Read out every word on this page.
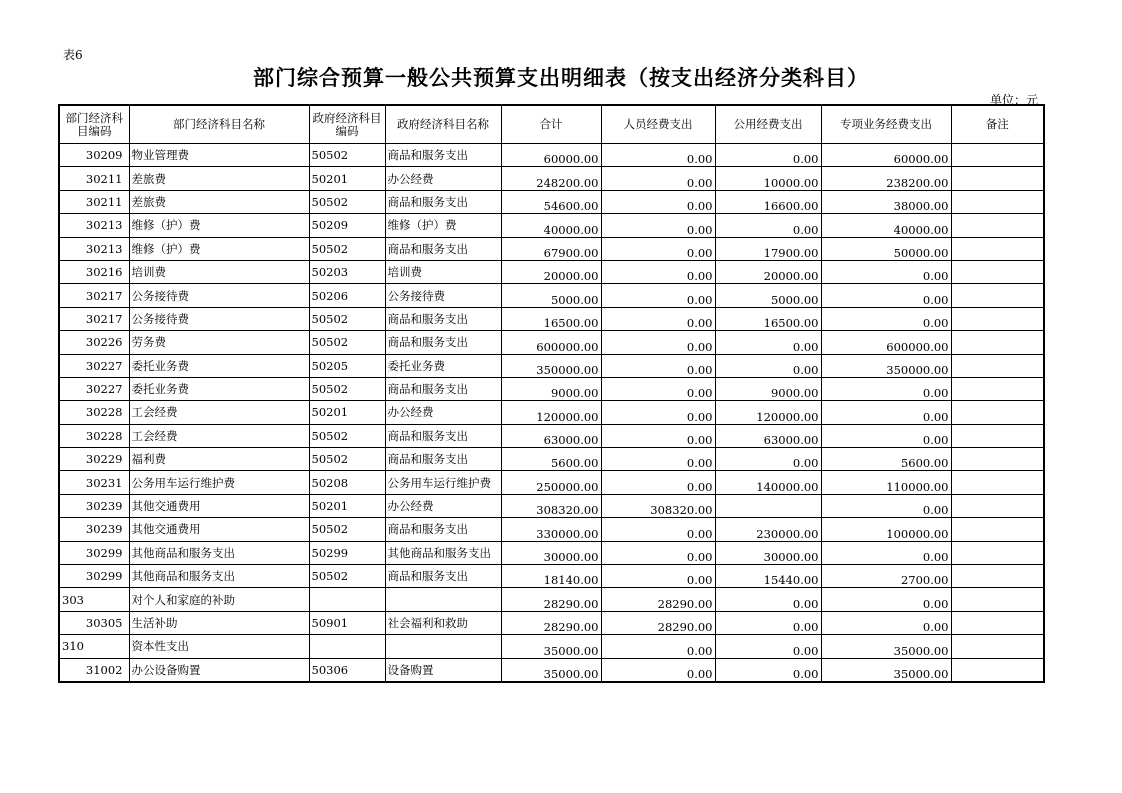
表6
部门综合预算一般公共预算支出明细表（按支出经济分类科目）
单位：元
部门经济科目编码	部门经济科目名称	政府经济科目编码	政府经济科目名称	合计	人员经费支出	公用经费支出	专项业务经费支出	备注
30209	物业管理费	50502	商品和服务支出	60000.00	0.00	0.00	60000.00	
30211	差旅费	50201	办公经费	248200.00	0.00	10000.00	238200.00	
30211	差旅费	50502	商品和服务支出	54600.00	0.00	16600.00	38000.00	
30213	维修（护）费	50209	维修（护）费	40000.00	0.00	0.00	40000.00	
30213	维修（护）费	50502	商品和服务支出	67900.00	0.00	17900.00	50000.00	
30216	培训费	50203	培训费	20000.00	0.00	20000.00	0.00	
30217	公务接待费	50206	公务接待费	5000.00	0.00	5000.00	0.00	
30217	公务接待费	50502	商品和服务支出	16500.00	0.00	16500.00	0.00	
30226	劳务费	50502	商品和服务支出	600000.00	0.00	0.00	600000.00	
30227	委托业务费	50205	委托业务费	350000.00	0.00	0.00	350000.00	
30227	委托业务费	50502	商品和服务支出	9000.00	0.00	9000.00	0.00	
30228	工会经费	50201	办公经费	120000.00	0.00	120000.00	0.00	
30228	工会经费	50502	商品和服务支出	63000.00	0.00	63000.00	0.00	
30229	福利费	50502	商品和服务支出	5600.00	0.00	0.00	5600.00	
30231	公务用车运行维护费	50208	公务用车运行维护费	250000.00	0.00	140000.00	110000.00	
30239	其他交通费用	50201	办公经费	308320.00	308320.00		0.00	
30239	其他交通费用	50502	商品和服务支出	330000.00	0.00	230000.00	100000.00	
30299	其他商品和服务支出	50299	其他商品和服务支出	30000.00	0.00	30000.00	0.00	
30299	其他商品和服务支出	50502	商品和服务支出	18140.00	0.00	15440.00	2700.00	
303	对个人和家庭的补助			28290.00	28290.00	0.00	0.00	
30305	生活补助	50901	社会福利和救助	28290.00	28290.00	0.00	0.00	
310	资本性支出			35000.00	0.00	0.00	35000.00	
31002	办公设备购置	50306	设备购置	35000.00	0.00	0.00	35000.00	
